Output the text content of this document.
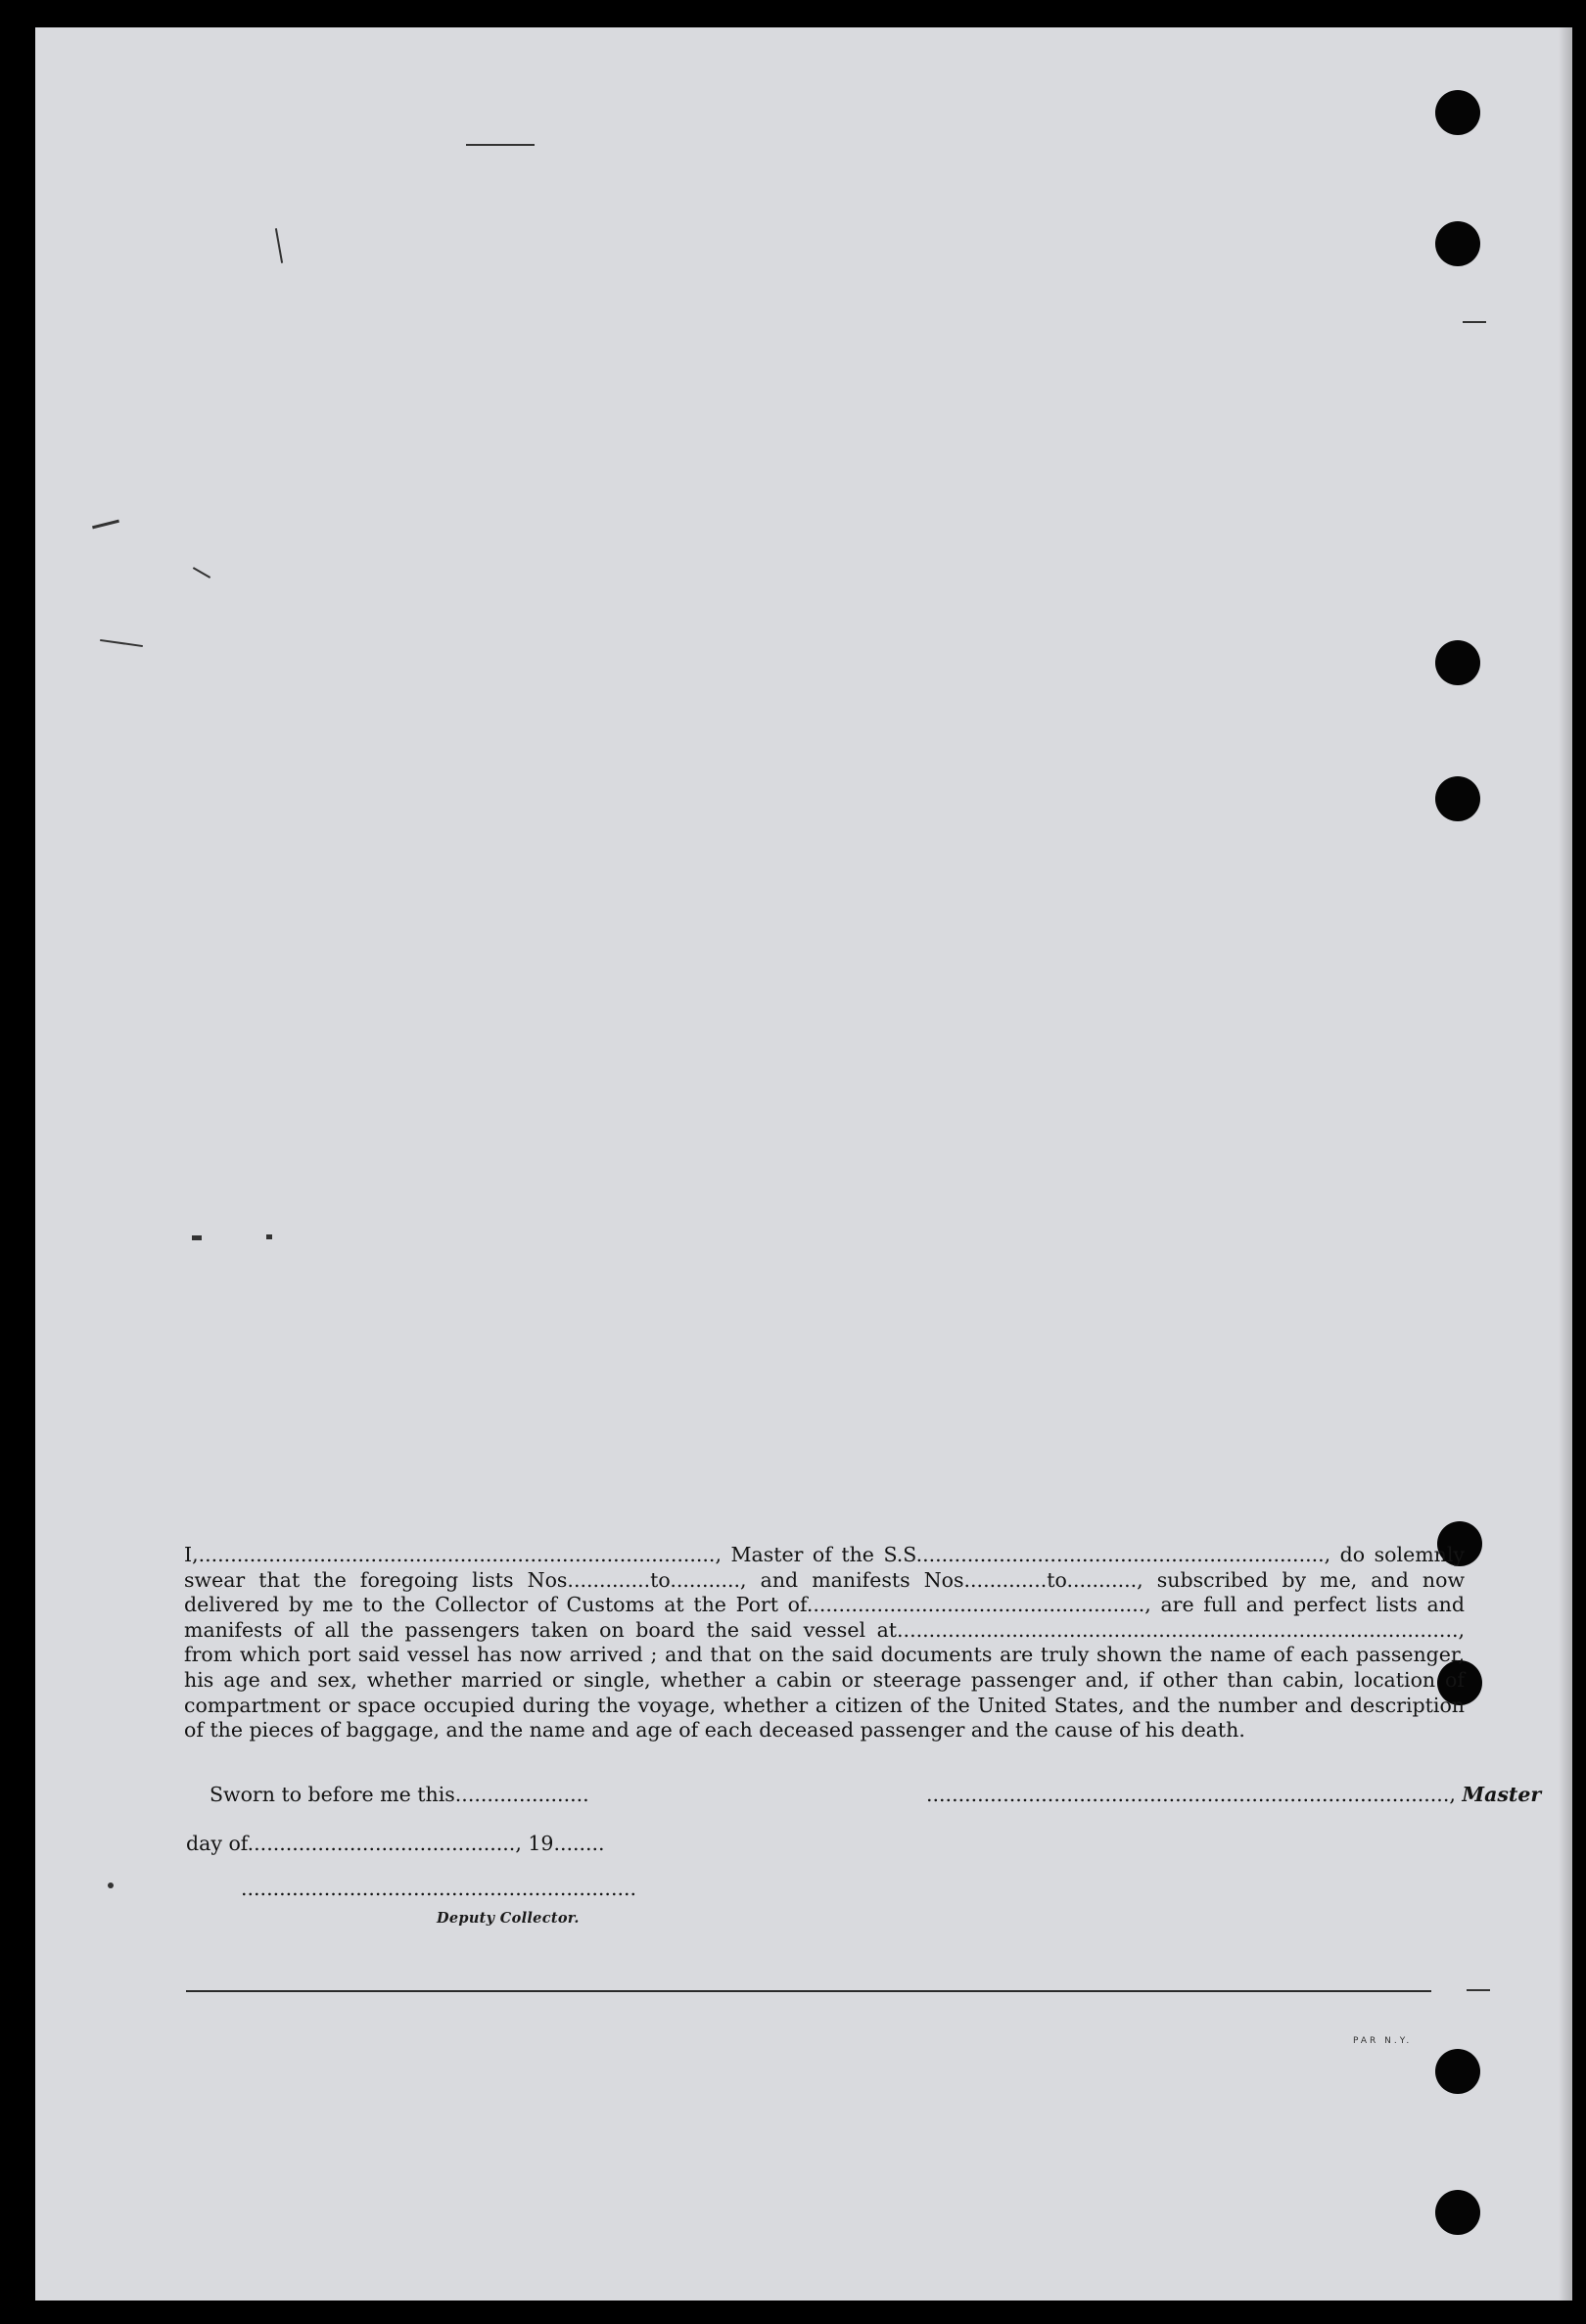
I,................................................................................., Master of the S.S................................................................, do solemnly swear that the foregoing lists Nos.............to..........., and manifests Nos.............to..........., subscribed by me, and now delivered by me to the Collector of Customs at the Port of....................................................., are full and perfect lists and manifests of all the passengers taken on board the said vessel at........................................................................................, from which port said vessel has now arrived ; and that on the said documents are truly shown the name of each passenger, his age and sex, whether married or single, whether a cabin or steerage passenger and, if other than cabin, location of compartment or space occupied during the voyage, whether a citizen of the United States, and the number and description of the pieces of baggage, and the name and age of each deceased passenger and the cause of his death.

Sworn to before me this.....................	.................................................................................., Master
day of.........................................., 19........
..............................................................
Deputy Collector.
PAR N.Y.
